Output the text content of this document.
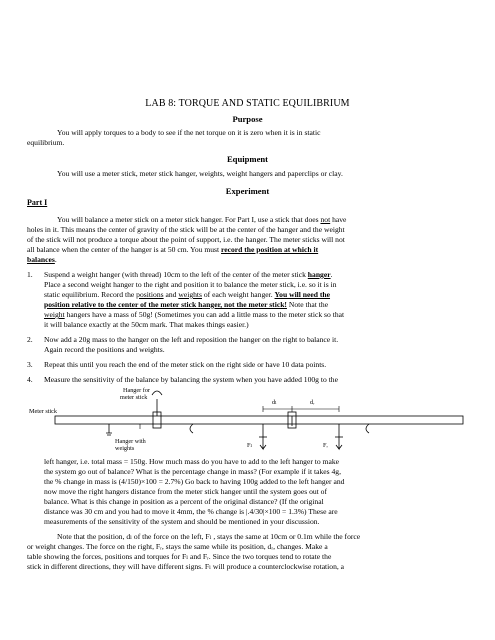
LAB 8: TORQUE AND STATIC EQUILIBRIUM
Purpose
You will apply torques to a body to see if the net torque on it is zero when it is in static
equilibrium.
Equipment
You will use a meter stick, meter stick hanger, weights, weight hangers and paperclips or clay.
Experiment
Part I
You will balance a meter stick on a meter stick hanger. For Part I, use a stick that does not have
holes in it. This means the center of gravity of the stick will be at the center of the hanger and the weight
of the stick will not produce a torque about the point of support, i.e. the hanger. The meter sticks will not
all balance when the center of the hanger is at 50 cm. You must record the position at which it
balances.
1. Suspend a weight hanger (with thread) 10cm to the left of the center of the meter stick hanger.
Place a second weight hanger to the right and position it to balance the meter stick, i.e. so it is in
static equilibrium. Record the positions and weights of each weight hanger. You will need the
position relative to the center of the meter stick hanger, not the meter stick! Note that the
weight hangers have a mass of 50g! (Sometimes you can add a little mass to the meter stick so that
it will balance exactly at the 50cm mark. That makes things easier.)
2. Now add a 20g mass to the hanger on the left and reposition the hanger on the right to balance it.
Again record the positions and weights.
3. Repeat this until you reach the end of the meter stick on the right side or have 10 data points.
4. Measure the sensitivity of the balance by balancing the system when you have added 100g to the
Hanger for
meter stick
Meter stick
Hanger with
weights
dₗ	dᵣ
Fₗ	Fᵣ
left hanger, i.e. total mass = 150g. How much mass do you have to add to the left hanger to make
the system go out of balance? What is the percentage change in mass? (For example if it takes 4g,
the % change in mass is (4/150)×100 = 2.7%) Go back to having 100g added to the left hanger and
now move the right hangers distance from the meter stick hanger until the system goes out of
balance. What is this change in position as a percent of the original distance? (If the original
distance was 30 cm and you had to move it 4mm, the % change is |.4/30|×100 = 1.3%) These are
measurements of the sensitivity of the system and should be mentioned in your discussion.
Note that the position, dₗ of the force on the left, Fₗ , stays the same at 10cm or 0.1m while the force
or weight changes. The force on the right, Fᵣ, stays the same while its position, dᵣ, changes. Make a
table showing the forces, positions and torques for Fₗ and Fᵣ. Since the two torques tend to rotate the
stick in different directions, they will have different signs. Fₗ will produce a counterclockwise rotation, a
